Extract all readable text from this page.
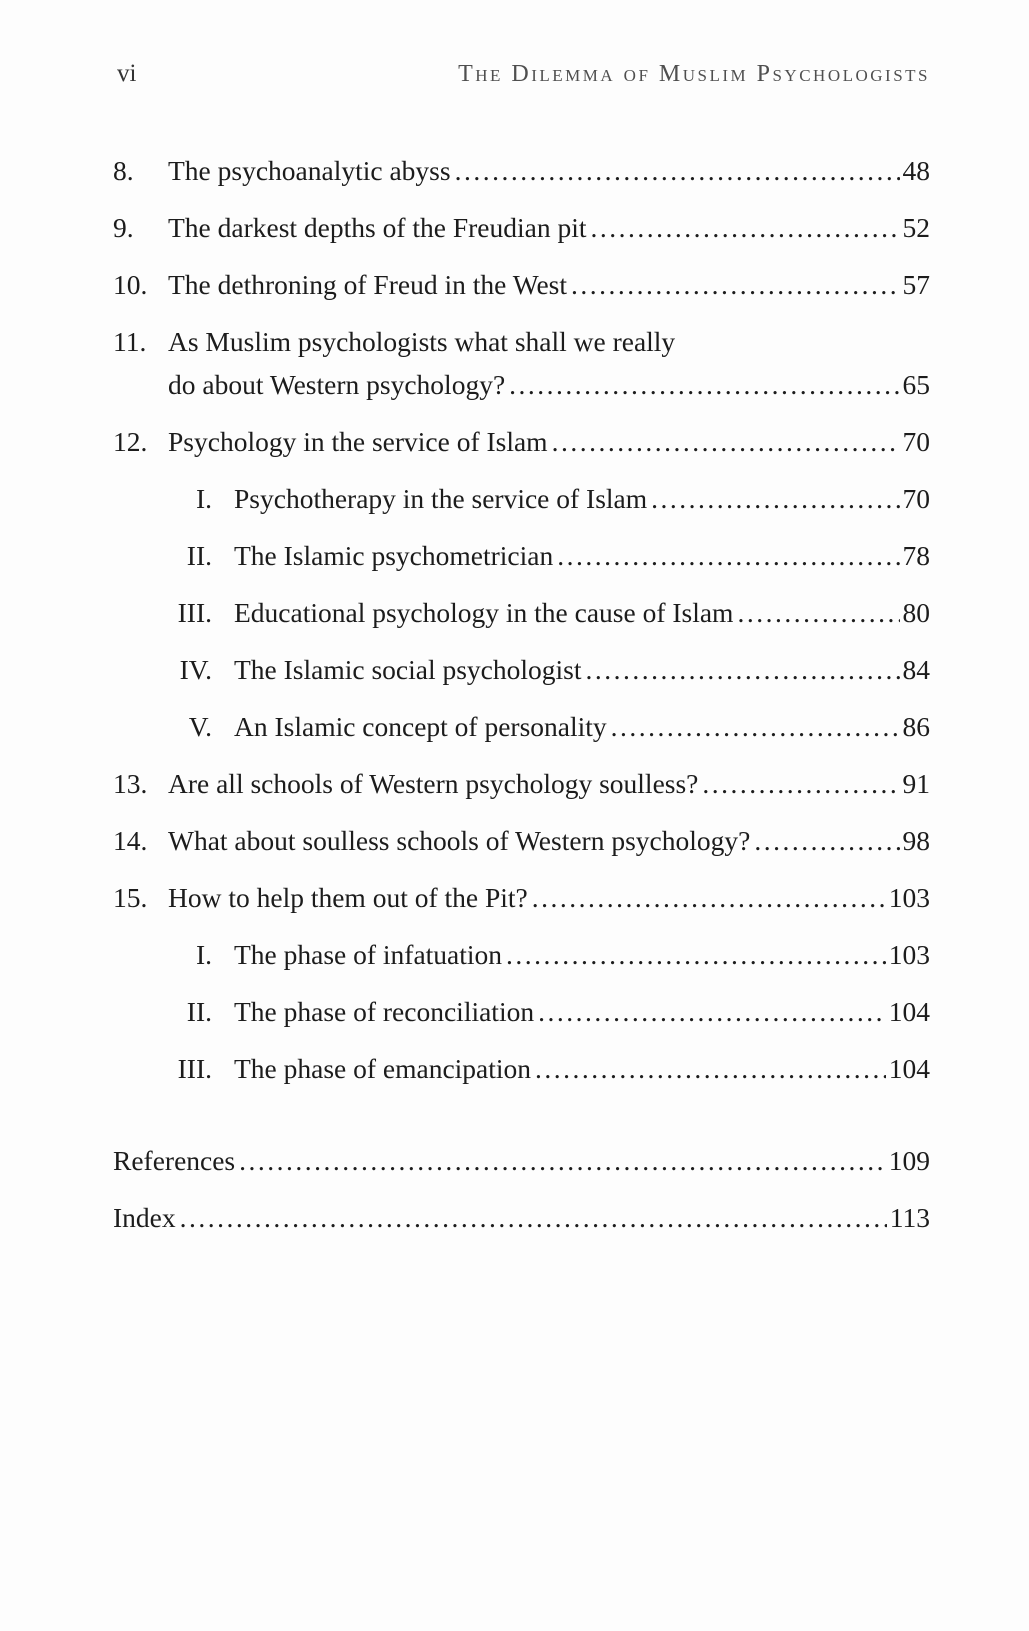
vi	The Dilemma of Muslim Psychologists
8.	The psychoanalytic abyss .....	48
9.	The darkest depths of the Freudian pit .....	52
10. The dethroning of Freud in the West .....	57
11. As Muslim psychologists what shall we really
do about Western psychology? .....	65
12. Psychology in the service of Islam .....	70
I. Psychotherapy in the service of Islam .....	70
II. The Islamic psychometrician .....	78
III. Educational psychology in the cause of Islam .....	80
IV. The Islamic social psychologist .....	84
V. An Islamic concept of personality .....	86
13. Are all schools of Western psychology soulless? .....	91
14. What about soulless schools of Western psychology? .....	98
15. How to help them out of the Pit? .....	103
I. The phase of infatuation .....	103
II. The phase of reconciliation .....	104
III. The phase of emancipation .....	104
References .....	109
Index .....	113
